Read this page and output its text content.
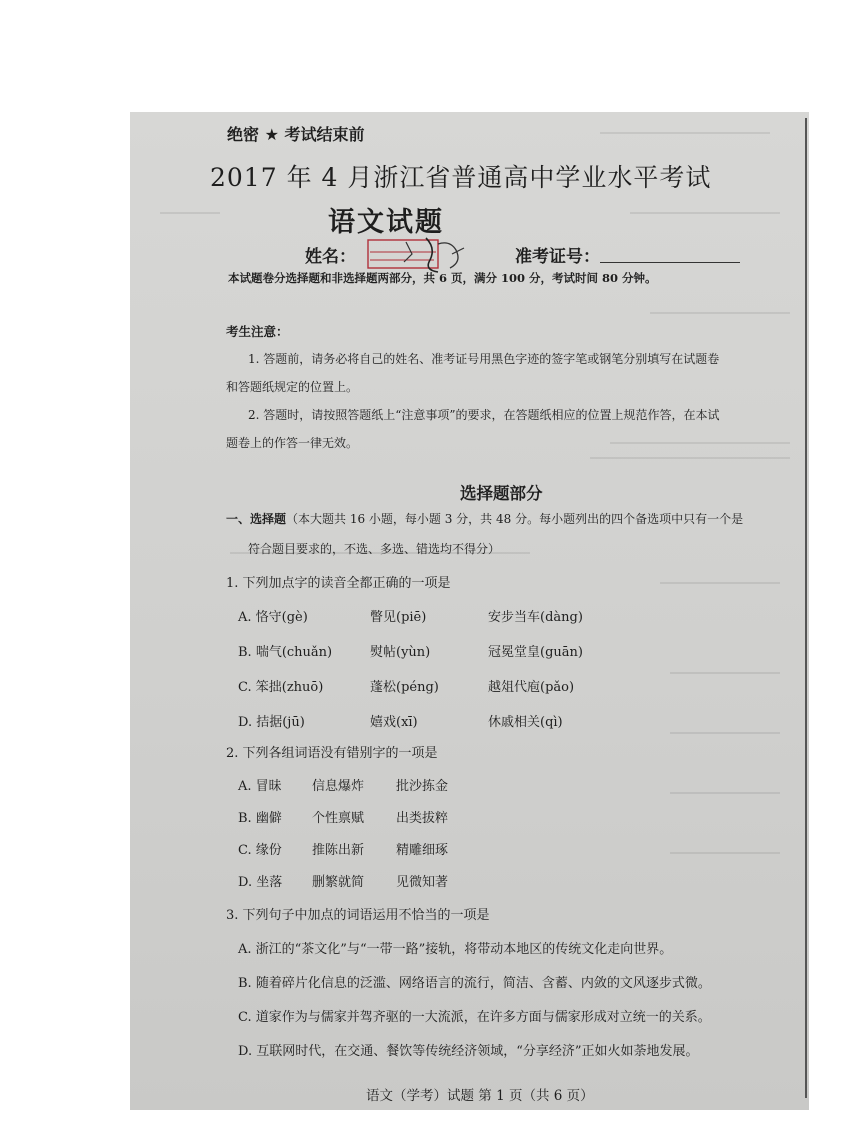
绝密 ★ 考试结束前
2017 年 4 月浙江省普通高中学业水平考试
语文试题
姓名：	准考证号：
本试题卷分选择题和非选择题两部分，共 6 页，满分 100 分，考试时间 80 分钟。
考生注意：
1. 答题前，请务必将自己的姓名、准考证号用黑色字迹的签字笔或钢笔分别填写在试题卷
和答题纸规定的位置上。
2. 答题时，请按照答题纸上“注意事项”的要求，在答题纸相应的位置上规范作答，在本试
题卷上的作答一律无效。
选择题部分
一、选择题（本大题共 16 小题，每小题 3 分，共 48 分。每小题列出的四个备选项中只有一个是
符合题目要求的，不选、多选、错选均不得分）
1. 下列加点字的读音全都正确的一项是
A. 恪守(gè)	瞥见(piē)	安步当车(dàng)
B. 喘气(chuǎn)	熨帖(yùn)	冠冕堂皇(guān)
C. 笨拙(zhuō)	蓬松(péng)	越俎代庖(pǎo)
D. 拮据(jū)	嬉戏(xī)	休戚相关(qì)
2. 下列各组词语没有错别字的一项是
A. 冒昧 信息爆炸 批沙拣金
B. 幽僻 个性禀赋 出类拔粹
C. 缘份 推陈出新 精雕细琢
D. 坐落 删繁就简 见微知著
3. 下列句子中加点的词语运用不恰当的一项是
A. 浙江的“茶文化”与“一带一路”接轨，将带动本地区的传统文化走向世界。
B. 随着碎片化信息的泛滥、网络语言的流行，简洁、含蓄、内敛的文风逐步式微。
C. 道家作为与儒家并驾齐驱的一大流派，在许多方面与儒家形成对立统一的关系。
D. 互联网时代，在交通、餐饮等传统经济领域，“分享经济”正如火如荼地发展。
语文（学考）试题 第 1 页（共 6 页）
